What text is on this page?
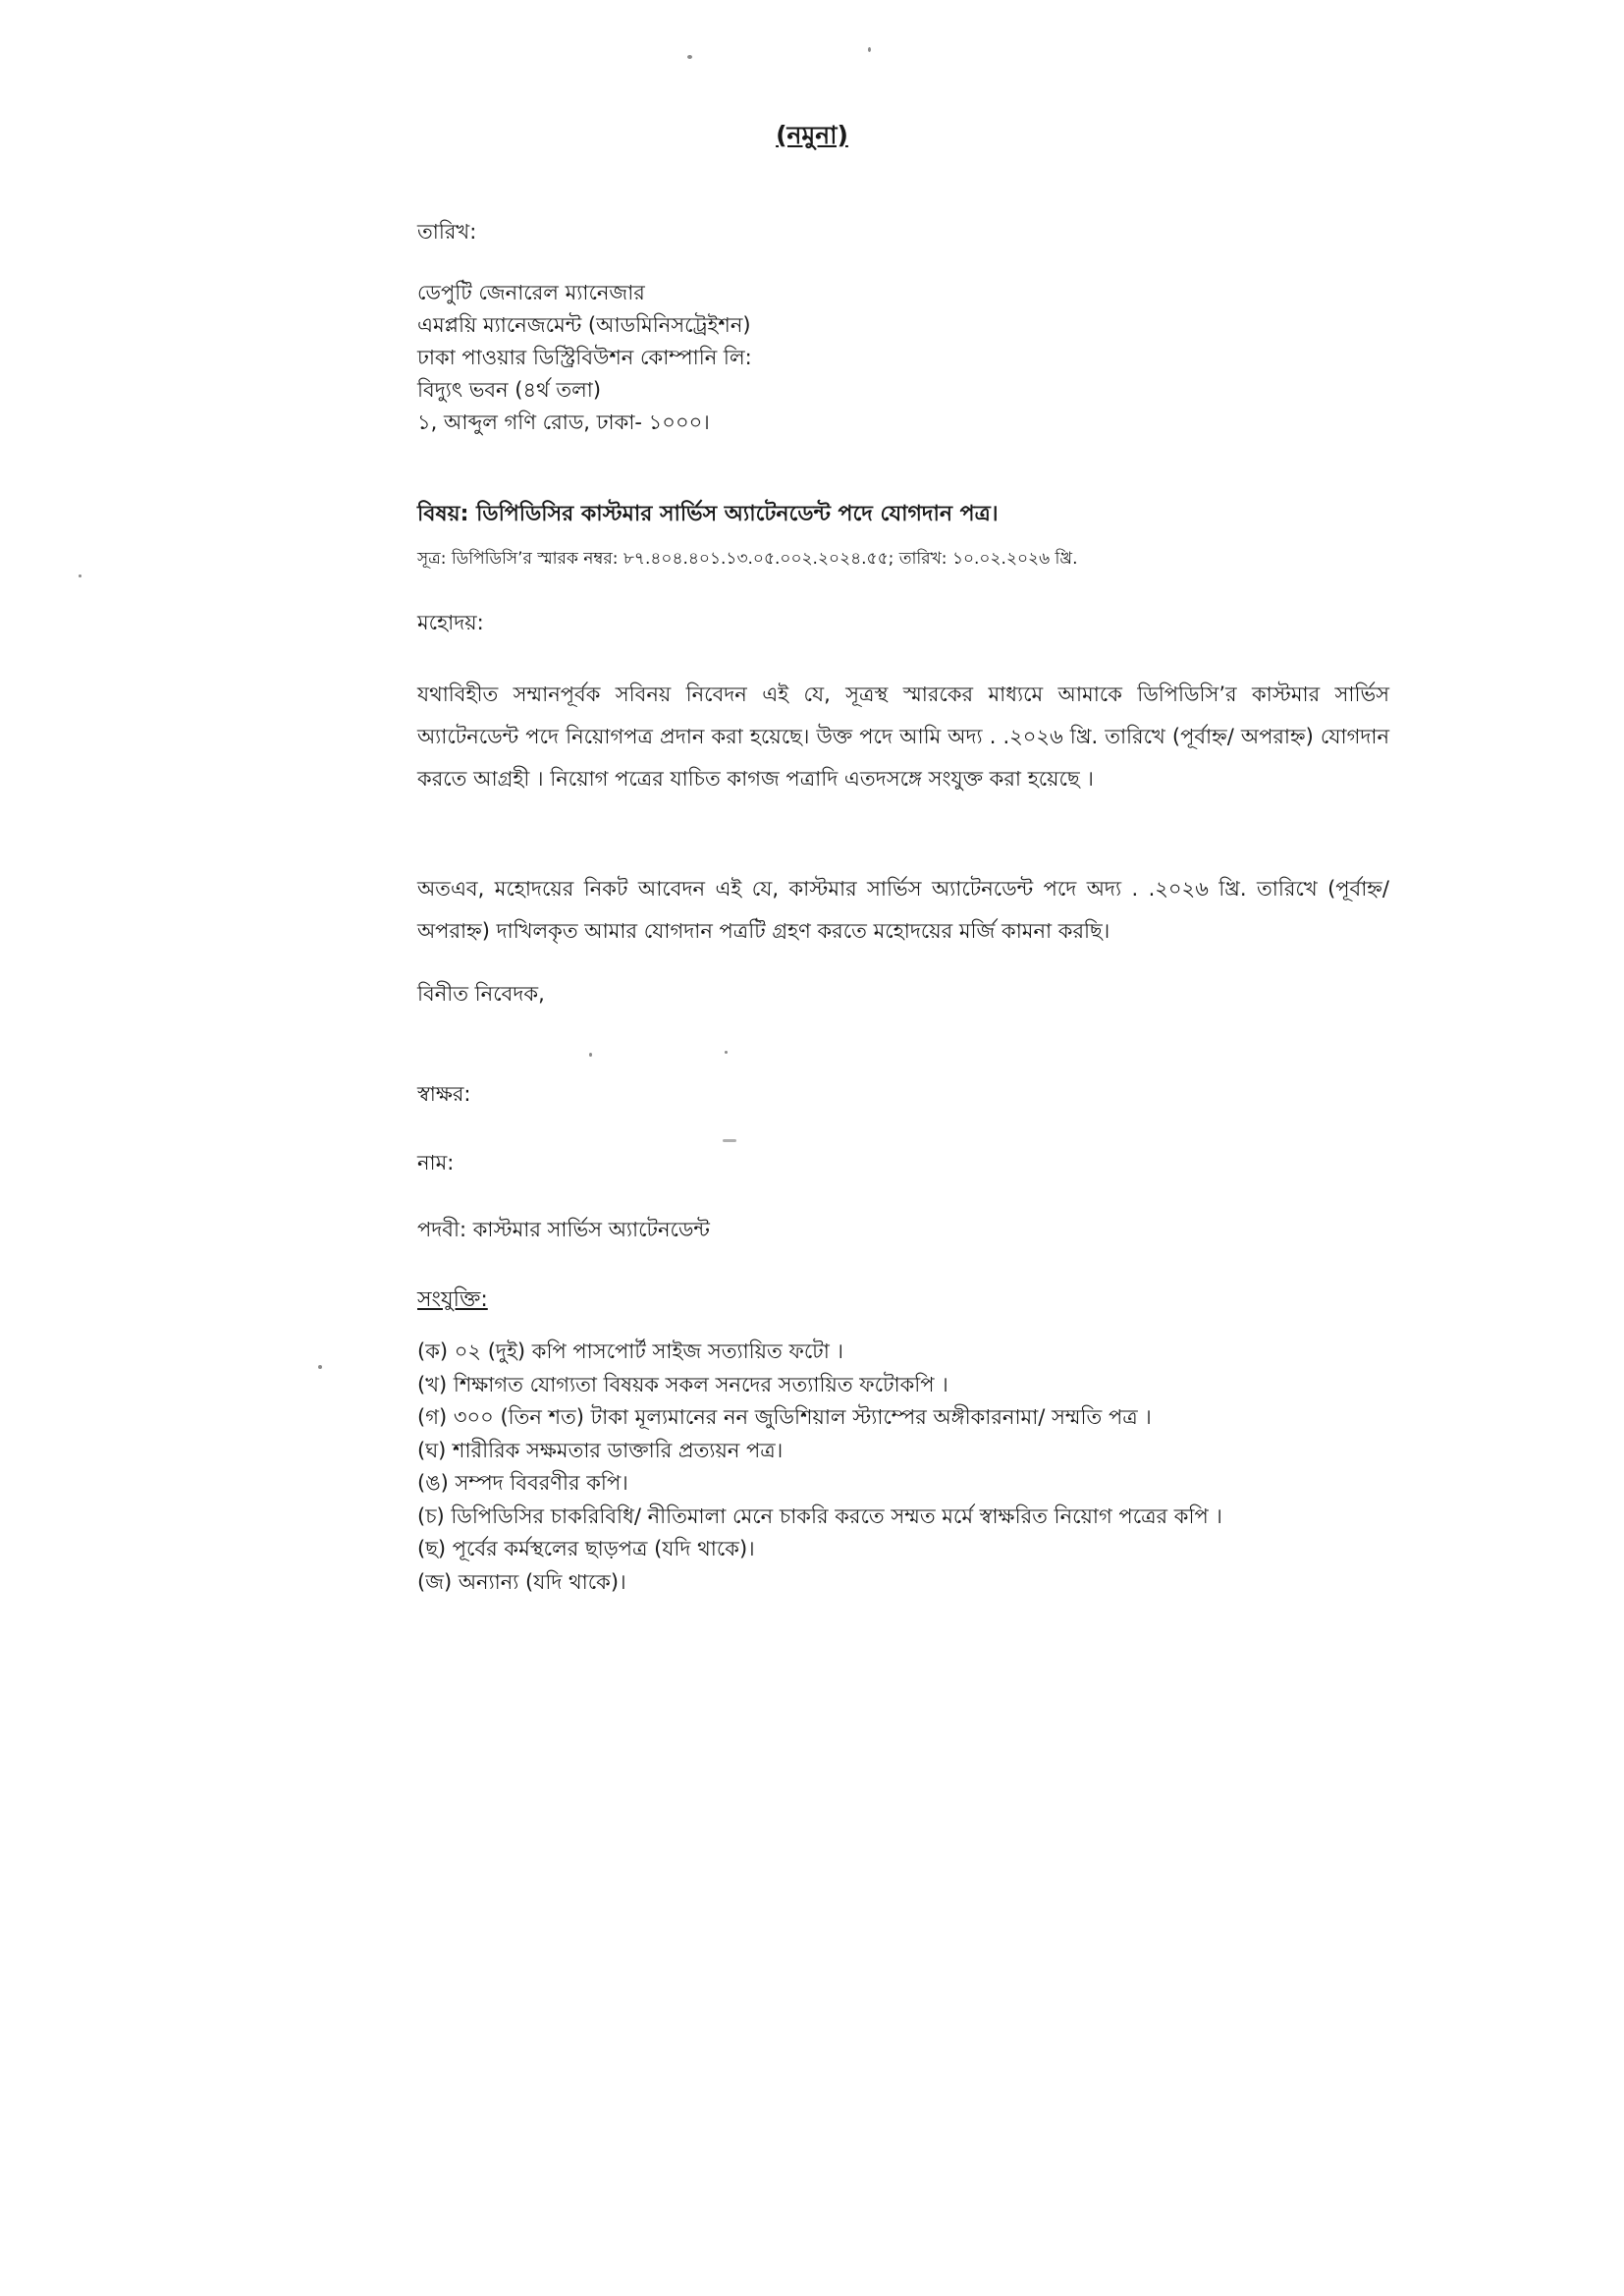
(নমুনা)
তারিখ:
ডেপুটি জেনারেল ম্যানেজার
এমপ্লয়ি ম্যানেজমেন্ট (আডমিনিসট্রেইশন)
ঢাকা পাওয়ার ডিস্ট্রিবিউশন কোম্পানি লি:
বিদ্যুৎ ভবন (৪র্থ তলা)
১, আব্দুল গণি রোড, ঢাকা- ১০০০।
বিষয়: ডিপিডিসির কাস্টমার সার্ভিস অ্যাটেনডেন্ট পদে যোগদান পত্র।
সূত্র: ডিপিডিসি’র স্মারক নম্বর: ৮৭.৪০৪.৪০১.১৩.০৫.০০২.২০২৪.৫৫; তারিখ: ১০.০২.২০২৬ খ্রি.
মহোদয়:
যথাবিহীত সম্মানপূর্বক সবিনয় নিবেদন এই যে, সূত্রস্থ স্মারকের মাধ্যমে আমাকে ডিপিডিসি’র কাস্টমার সার্ভিস অ্যাটেনডেন্ট পদে নিয়োগপত্র প্রদান করা হয়েছে। উক্ত পদে আমি অদ্য . .২০২৬ খ্রি. তারিখে (পূর্বাহ্ন/ অপরাহ্ন) যোগদান করতে আগ্রহী । নিয়োগ পত্রের যাচিত কাগজ পত্রাদি এতদসঙ্গে সংযুক্ত করা হয়েছে ।
অতএব, মহোদয়ের নিকট আবেদন এই যে, কাস্টমার সার্ভিস অ্যাটেনডেন্ট পদে অদ্য . .২০২৬ খ্রি. তারিখে (পূর্বাহ্ন/ অপরাহ্ন) দাখিলকৃত আমার যোগদান পত্রটি গ্রহণ করতে মহোদয়ের মর্জি কামনা করছি।
বিনীত নিবেদক,
স্বাক্ষর:
নাম:
পদবী: কাস্টমার সার্ভিস অ্যাটেনডেন্ট
সংযুক্তি:
(ক) ০২ (দুই) কপি পাসপোর্ট সাইজ সত্যায়িত ফটো ।
(খ) শিক্ষাগত যোগ্যতা বিষয়ক সকল সনদের সত্যায়িত ফটোকপি ।
(গ) ৩০০ (তিন শত) টাকা মূল্যমানের নন জুডিশিয়াল স্ট্যাম্পের অঙ্গীকারনামা/ সম্মতি পত্র ।
(ঘ) শারীরিক সক্ষমতার ডাক্তারি প্রত্যয়ন পত্র।
(ঙ) সম্পদ বিবরণীর কপি।
(চ) ডিপিডিসির চাকরিবিধি/ নীতিমালা মেনে চাকরি করতে সম্মত মর্মে স্বাক্ষরিত নিয়োগ পত্রের কপি ।
(ছ) পূর্বের কর্মস্থলের ছাড়পত্র (যদি থাকে)।
(জ) অন্যান্য (যদি থাকে)।
